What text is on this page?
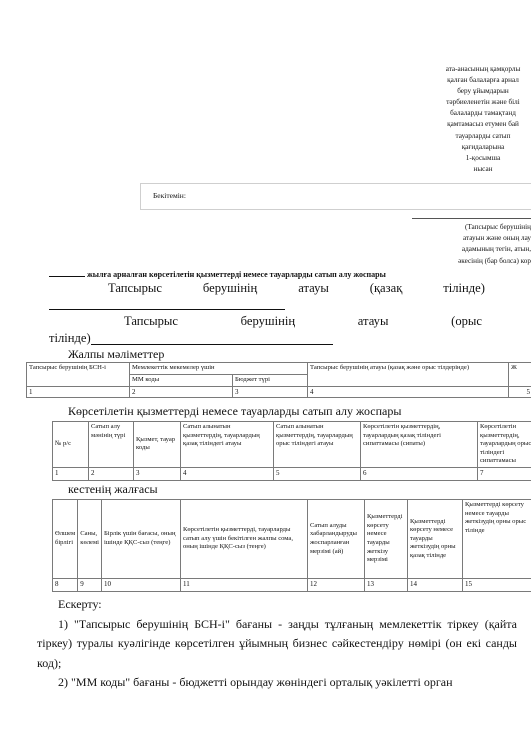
ата-анасының қамқорлы
қалған балаларға арнал
беру ұйымдарын
тәрбиеленетін және білі
балаларды тамақтанд
қамтамасыз етумен бай
тауарларды сатып
қағидаларына
1-қосымша
нысан
Бекітемін:
(Тапсырыс берушінің
атауын және оның лау
адамының тегін, атын,
әкесінің (бар болса) кор
жылға арналған көрсетілетін қызметтерді немесе тауарларды сатып алу жоспары
Тапсырыс	берушінің	атауы	(қазақ	тілінде)
Тапсырыс	берушінің	атауы	(орыс
тілінде)
Жалпы мәліметтер
Тапсырыс берушінің БСН-і	Мемлекеттік мекемелер үшін		Тапсырыс берушінің атауы (қазақ және орыс тілдерінде)	Ж
	ММ коды	Бюджет түрі		
1	2	3	4	5
Көрсетілетін қызметтерді немесе тауарларды сатып алу жоспары
№ р/с	Сатып алу мәнінің түрі	Қызмет, тауар коды	Сатып алынатын қызметтердің, тауарлардың қазақ тіліндегі атауы	Сатып алынатын қызметтердің, тауарлардың орыс тіліндегі атауы	Көрсетілетін қызметтердің, тауарлардың қазақ тіліндегі сипаттамасы (сипаты)	Көрсетілетін қызметтердің, тауарлардың орыс тіліндегі сипаттамасы
1	2	3	4	5	6	7
кестенің жалғасы
Өлшем бірлігі	Саны, көлемі	Бірлік үшін бағасы, оның ішінде ҚҚС-сыз (теңге)	Көрсетілетін қызметтерді, тауарларды сатып алу үшін бекітілген жалпы сома, оның ішінде ҚҚС-сыз (теңге)	Сатып алуды хабарландыруды жоспарланған мерзімі (ай)	Қызметтерді көрсету немесе тауарды жеткізу мерзімі	Қызметтерді көрсету немесе тауарды жеткізудің орны қазақ тілінде	Қызметтерді көрсету немесе тауарды жеткізудің орны орыс тілінде
8	9	10	11	12	13	14	15

Ескерту:

1) "Тапсырыс берушінің БСН-і" бағаны - заңды тұлғаның мемлекеттік тіркеу (қайта тіркеу) туралы куәлігінде көрсетілген ұйымның бизнес сәйкестендіру нөмірі (он екі санды код);

2) "ММ коды" бағаны - бюджетті орындау жөніндегі орталық уәкілетті орган
